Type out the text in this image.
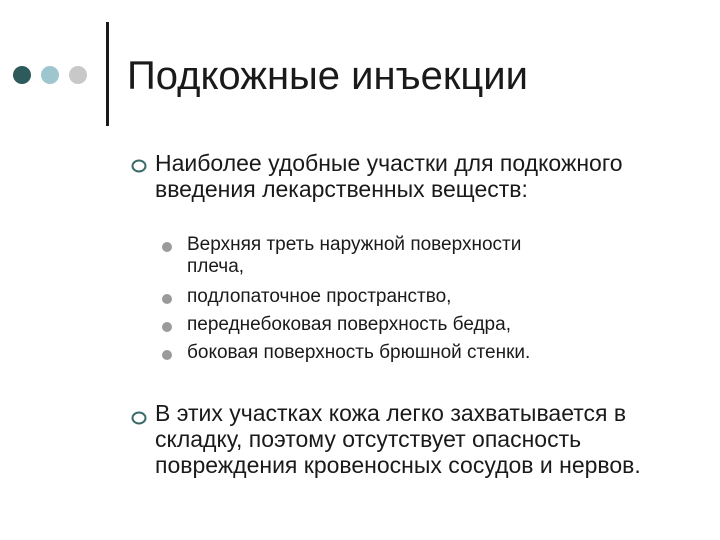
Подкожные инъекции
Наиболее удобные участки для подкожного введения лекарственных веществ:
Верхняя треть наружной поверхности плеча,
подлопаточное пространство,
переднебоковая поверхность бедра,
боковая поверхность брюшной стенки.
В этих участках кожа легко захватывается в складку, поэтому отсутствует опасность повреждения кровеносных сосудов и нервов.
